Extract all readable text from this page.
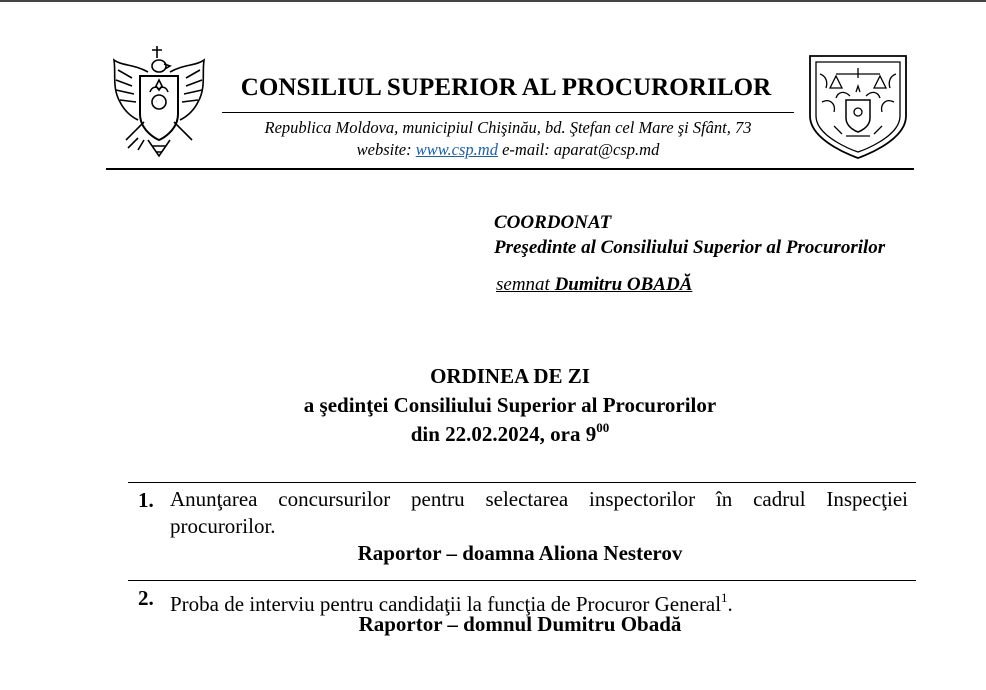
CONSILIUL SUPERIOR AL PROCURORILOR
Republica Moldova, municipiul Chişinău, bd. Ştefan cel Mare şi Sfânt, 73
website: www.csp.md e-mail: aparat@csp.md
COORDONAT
Preşedinte al Consiliului Superior al Procurorilor
semnat Dumitru OBADĂ
ORDINEA DE ZI
a şedinţei Consiliului Superior al Procurorilor
din 22.02.2024, ora $9^{00}$
1. Anunţarea concursurilor pentru selectarea inspectorilor în cadrul Inspecţiei procurorilor.
Raportor – doamna Aliona Nesterov
2. Proba de interviu pentru candidaţii la funcţia de Procuror General$^1$.
Raportor – domnul Dumitru Obadă
